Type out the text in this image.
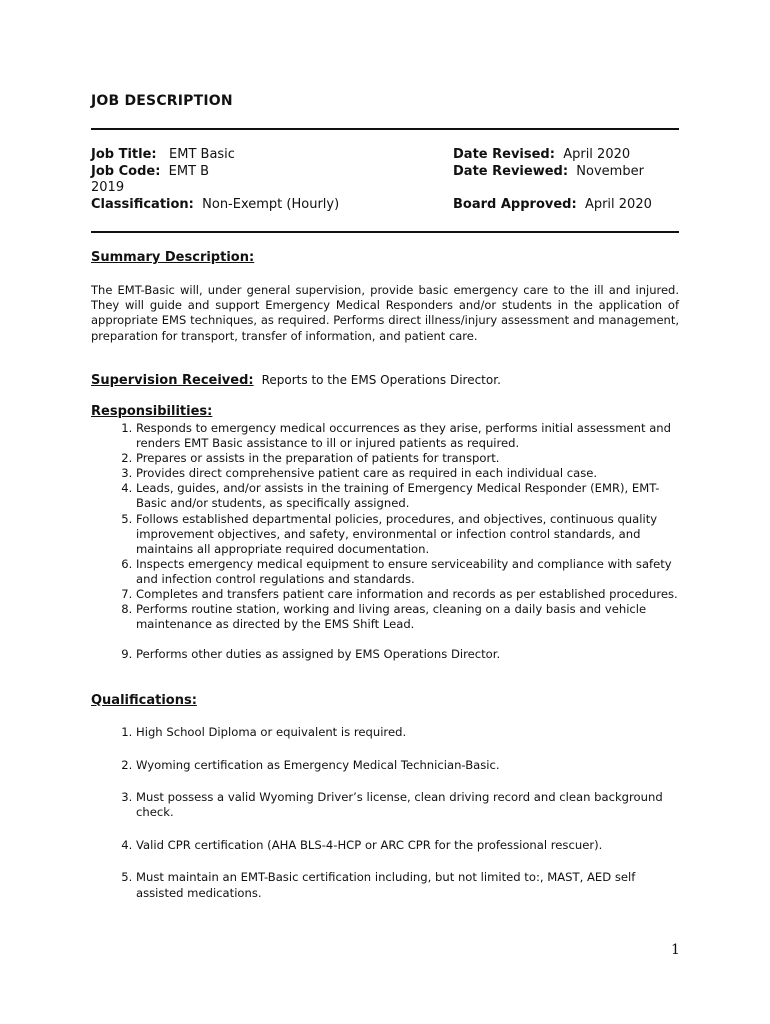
JOB DESCRIPTION
Job Title: EMT Basic
Job Code: EMT B
2019
Classification: Non-Exempt (Hourly)
Date Revised: April 2020
Date Reviewed: November
Board Approved: April 2020
Summary Description:

The EMT-Basic will, under general supervision, provide basic emergency care to the ill and injured. They will guide and support Emergency Medical Responders and/or students in the application of appropriate EMS techniques, as required. Performs direct illness/injury assessment and management, preparation for transport, transfer of information, and patient care.

Supervision Received: Reports to the EMS Operations Director.
Responsibilities:
1. Responds to emergency medical occurrences as they arise, performs initial assessment and renders EMT Basic assistance to ill or injured patients as required.
2. Prepares or assists in the preparation of patients for transport.
3. Provides direct comprehensive patient care as required in each individual case.
4. Leads, guides, and/or assists in the training of Emergency Medical Responder (EMR), EMT-Basic and/or students, as specifically assigned.
5. Follows established departmental policies, procedures, and objectives, continuous quality improvement objectives, and safety, environmental or infection control standards, and maintains all appropriate required documentation.
6. Inspects emergency medical equipment to ensure serviceability and compliance with safety and infection control regulations and standards.
7. Completes and transfers patient care information and records as per established procedures.
8. Performs routine station, working and living areas, cleaning on a daily basis and vehicle maintenance as directed by the EMS Shift Lead.
9. Performs other duties as assigned by EMS Operations Director.
Qualifications:
1. High School Diploma or equivalent is required.
2. Wyoming certification as Emergency Medical Technician-Basic.
3. Must possess a valid Wyoming Driver’s license, clean driving record and clean background check.
4. Valid CPR certification (AHA BLS-4-HCP or ARC CPR for the professional rescuer).
5. Must maintain an EMT-Basic certification including, but not limited to:, MAST, AED self assisted medications.
1
